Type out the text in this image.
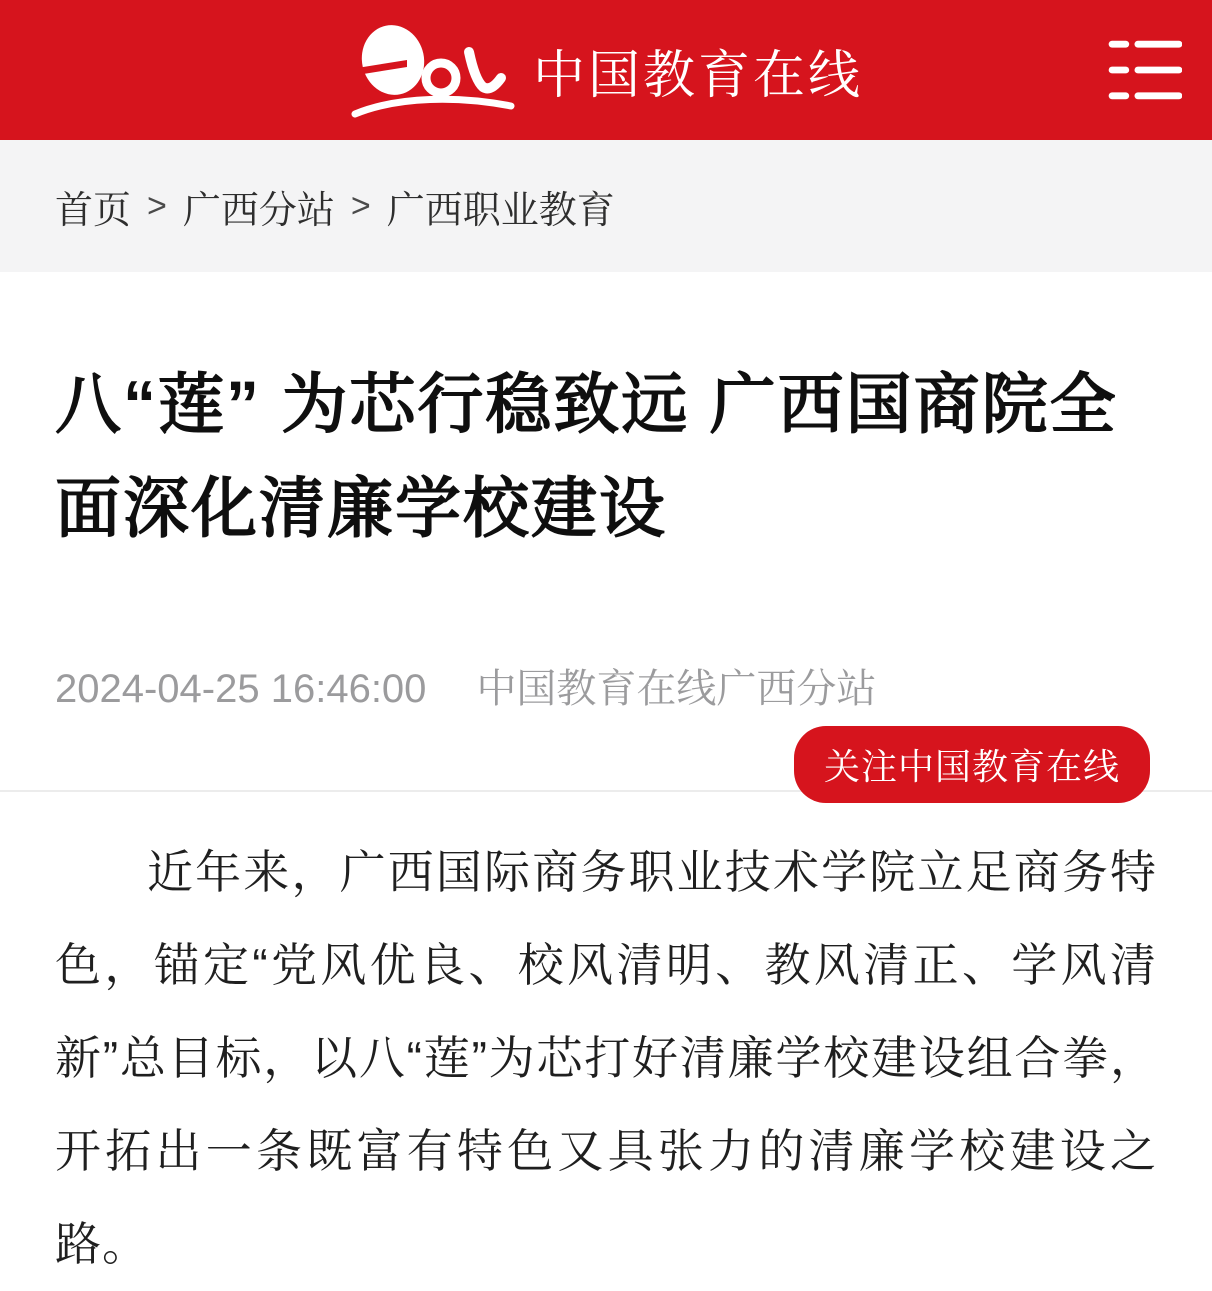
中国教育在线
首页 > 广西分站 > 广西职业教育
八“莲” 为芯行稳致远 广西国商院全面深化清廉学校建设
2024-04-25 16:46:00 中国教育在线广西分站
关注中国教育在线

近年来，广西国际商务职业技术学院立足商务特色，锚定“党风优良、校风清明、教风清正、学风清新”总目标，以八“莲”为芯打好清廉学校建设组合拳，开拓出一条既富有特色又具张力的清廉学校建设之路。
